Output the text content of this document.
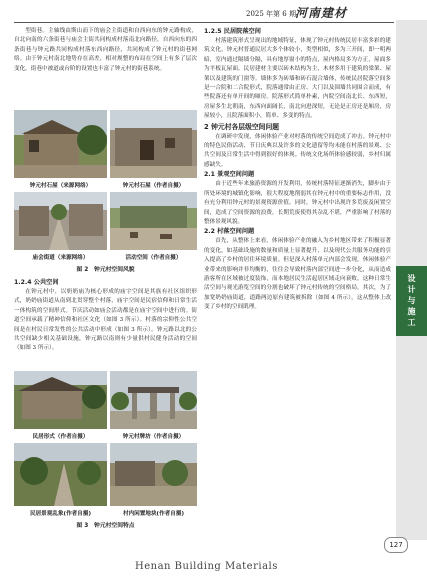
2025 年第 6 期 河南建材
设计与施工

型街巷。主轴线由斯山而下的庙会主街道和自西向东的钟元路构成，自北向南的六条街巷与庙会主街共同构成村落南北向路径，自西向东的四条街巷与钟元路共同构成村落东西向路径，共同构成了钟元村的街巷网络。由于钟元村南北地势存在高差，相对规整的布局在空间上有多了层次变化。街巷中被道或台阶的设置也丰富了钟元村的街巷系统。

钟元村石屋（来源网络）	钟元村石屋（作者自摄）
庙会街道（来源网络）	活动空间（作者自摄）
图 2　钟元村空间风貌
1.2.4 公共空间

在钟元村中，以奶奶庙为核心形成的庙宇空间是其族有社区组织形式，奶奶庙街道从南到北贯穿整个村落，庙宇空间是民宿信仰和日常生活一体构筑的空间形式。节庆活动如庙会活动都是在庙宇空间中进行的。街道空间承载了精神信仰和社区文化（如图 3 所示）。村落的宗仰性公共空间是在村民日常发性的公共活动中形成（如图 3 所示）。钟元路以北的公共空间缺少相关基础设施，钟元路以南则有少量供村民健身活动的空间（如图 3 所示）。

民居形式（作者自摄）	钟元村牌坊（作者自摄）
民居景观乱象(作者自摄)	村内闲置地块(作者自摄)
图 3　钟元村空间特点
1.2.5 民居院落空间

村落建筑形式呈现出的地域特征，体现了钟元村传统民居丰富多彩的建筑文化。钟元村普通民居大多个体较小，类型相似，多为三开间，即一明两暗，室内通过隔墙分隔，具有地厚窗小的特点，屋内格局多为方正，屋面多为平板瓦屋面。民居建材主要以砖木结构为主，木材多用于建筑的梁架、屋架以及建筑的门窗等。墙体多为砖墙和砖石混合墙体，传统民居院落空间多是一合院和二合院形式，院落通常由正房、大门以及围墙共同围合而成，有些院落还有单开间的厢房。院落形式简单朴素，内院空间南北长、东西短，房屋多生北朝南，东西向面阔长，南北向进深短，无论是正房还是厢房，房屋较小，且院落面积小，简单、多变的特点。

2 钟元村各层级空间问题

在调研中发现，体闲体验产业对村落的传统空间造成了冲击。钟元村中的特色民俗活动、节日庆典以及许多的文化遗留等均未能在村落的景观、公共空间及日常生活中得到很好的体现。传统文化场所体验感较弱，乡村归属感缺失。

2.1 景观空间问题

由于近些年来旅游资源的开发利用，传统村落特征逐渐消失，脚步由于所处环境的城镇化影响，很大程度地削弱其在钟元村中的重要标志作用，没有充分利用钟元村的景观资源价值。同时，钟元村中出现许多荒废及闲置空间，造成了空间资源的浪费，长期荒废使得其杂乱不堪，严重影响了村落的整体景观风貌。

2.2 村落空间问题

首先，从整体上来看，体闲体验产业的融入为乡村地区带来了积极显著的变化，如基础设施的数量和质量上显著提升，以及现代公共服务功能的引入提高了乡村的居住环境质量。但是深入村落单元内部会发现，休闲体验产业带来的影响并非均衡的，往往会导致村落内部空间进一步分化，从而造成游客所在区域被过度装饰，而本地居民生活起居区域走向衰败。这种日常生活空间与观光游览空间的分割也破坏了钟元村传统的空间格局。其次，为了加宽奶奶庙街道，道路两边原有建筑被拆除（如图 4 所示），这从整体上改变了乡村的空间肌理。

127
Henan Building Materials
